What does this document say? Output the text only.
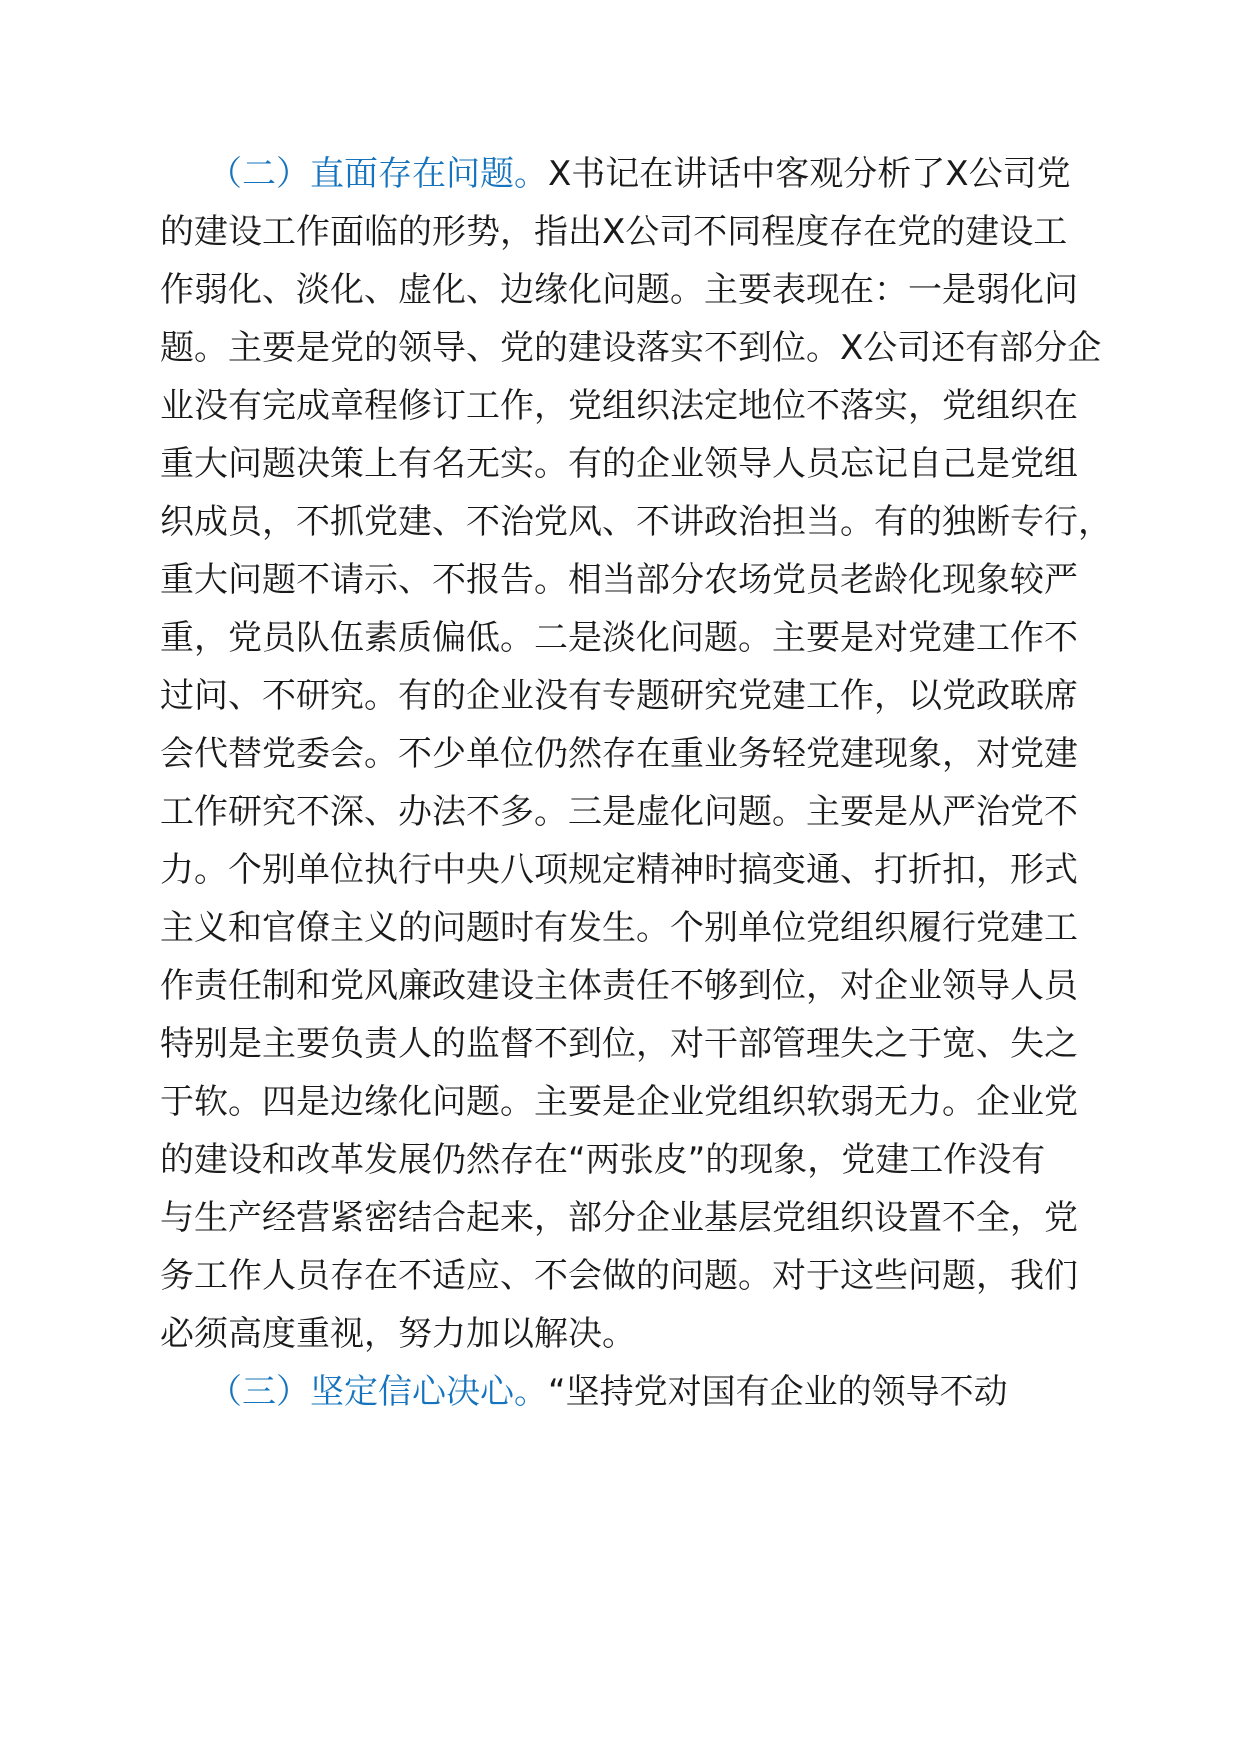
（二）直面存在问题。X书记在讲话中客观分析了X公司党
的建设工作面临的形势，指出X公司不同程度存在党的建设工
作弱化、淡化、虚化、边缘化问题。主要表现在：一是弱化问
题。主要是党的领导、党的建设落实不到位。X公司还有部分企
业没有完成章程修订工作，党组织法定地位不落实，党组织在
重大问题决策上有名无实。有的企业领导人员忘记自己是党组
织成员，不抓党建、不治党风、不讲政治担当。有的独断专行，
重大问题不请示、不报告。相当部分农场党员老龄化现象较严
重，党员队伍素质偏低。二是淡化问题。主要是对党建工作不
过问、不研究。有的企业没有专题研究党建工作，以党政联席
会代替党委会。不少单位仍然存在重业务轻党建现象，对党建
工作研究不深、办法不多。三是虚化问题。主要是从严治党不
力。个别单位执行中央八项规定精神时搞变通、打折扣，形式
主义和官僚主义的问题时有发生。个别单位党组织履行党建工
作责任制和党风廉政建设主体责任不够到位，对企业领导人员
特别是主要负责人的监督不到位，对干部管理失之于宽、失之
于软。四是边缘化问题。主要是企业党组织软弱无力。企业党
的建设和改革发展仍然存在“两张皮”的现象，党建工作没有
与生产经营紧密结合起来，部分企业基层党组织设置不全，党
务工作人员存在不适应、不会做的问题。对于这些问题，我们
必须高度重视，努力加以解决。
（三）坚定信心决心。“坚持党对国有企业的领导不动
